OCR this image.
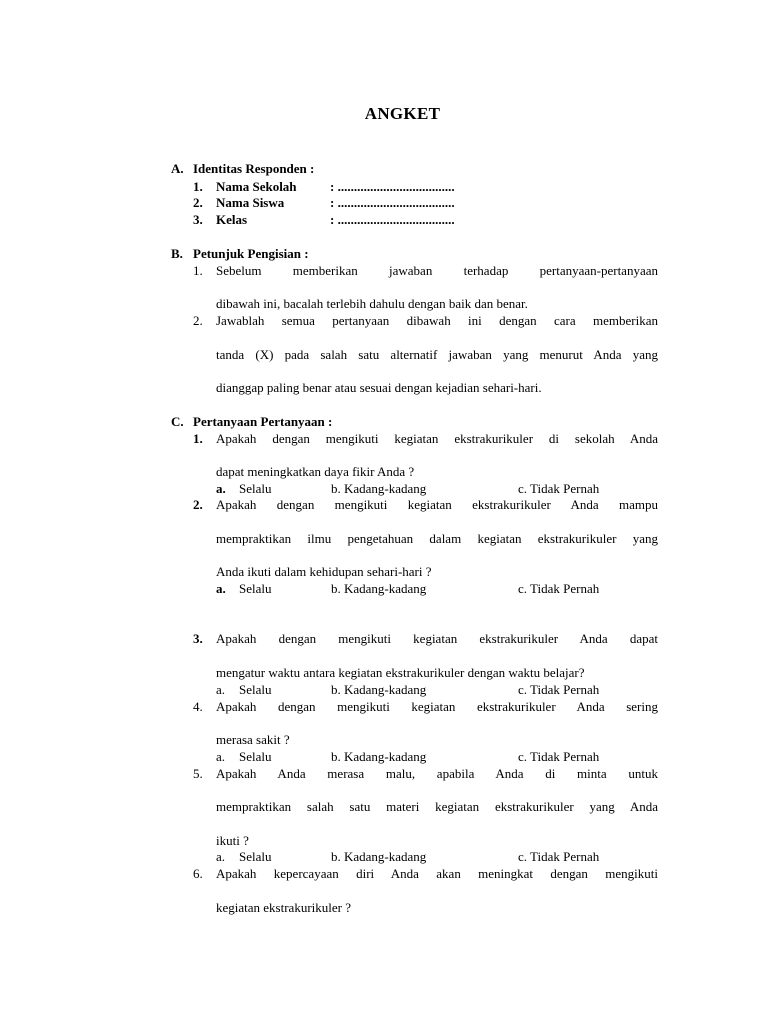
ANGKET
A. Identitas Responden :
1.	Nama Sekolah	: ....................................
2.	Nama Siswa	: ....................................
3.	Kelas	: ....................................
B. Petunjuk Pengisian :
1.	Sebelum memberikan jawaban terhadap pertanyaan-pertanyaan
dibawah ini, bacalah terlebih dahulu dengan baik dan benar.
2.	Jawablah semua pertanyaan dibawah ini dengan cara memberikan
tanda (X) pada salah satu alternatif jawaban yang menurut Anda yang
dianggap paling benar atau sesuai dengan kejadian sehari-hari.
C. Pertanyaan Pertanyaan :
1.	Apakah dengan mengikuti kegiatan ekstrakurikuler di sekolah Anda
dapat meningkatkan daya fikir Anda ?
a. Selalu	b. Kadang-kadang	c. Tidak Pernah
2.	Apakah dengan mengikuti kegiatan ekstrakurikuler Anda mampu
mempraktikan ilmu pengetahuan dalam kegiatan ekstrakurikuler yang
Anda ikuti dalam kehidupan sehari-hari ?
a. Selalu	b. Kadang-kadang	c. Tidak Pernah
3.	Apakah dengan mengikuti kegiatan ekstrakurikuler Anda dapat
mengatur waktu antara kegiatan ekstrakurikuler dengan waktu belajar?
a. Selalu	b. Kadang-kadang	c. Tidak Pernah
4.	Apakah dengan mengikuti kegiatan ekstrakurikuler Anda sering
merasa sakit ?
a. Selalu	b. Kadang-kadang	c. Tidak Pernah
5.	Apakah Anda merasa malu, apabila Anda di minta untuk
mempraktikan salah satu materi kegiatan ekstrakurikuler yang Anda
ikuti ?
a. Selalu	b. Kadang-kadang	c. Tidak Pernah
6.	Apakah kepercayaan diri Anda akan meningkat dengan mengikuti
kegiatan ekstrakurikuler ?
